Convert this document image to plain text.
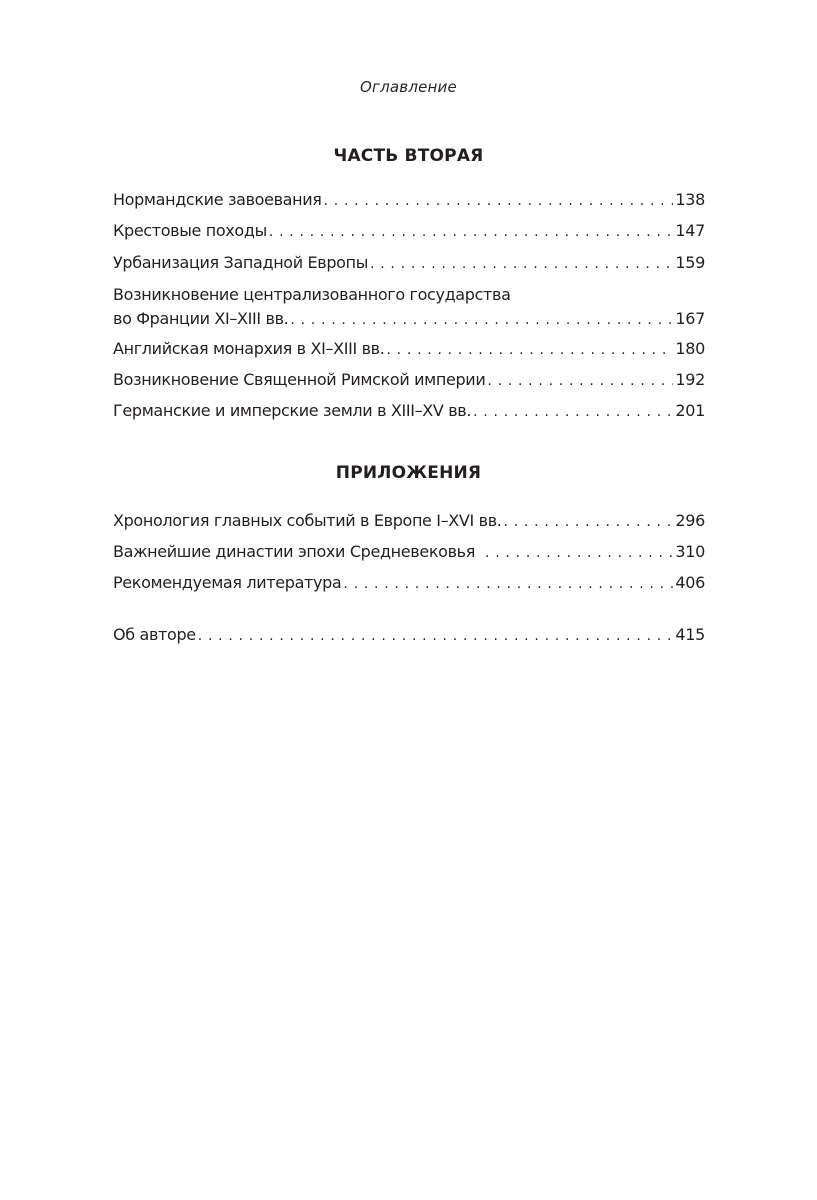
Оглавление
ЧАСТЬ ВТОРАЯ
Нормандские завоевания . . .	138
Крестовые походы . . .	147
Урбанизация Западной Европы . . .	159
Возникновение централизованного государства
во Франции XI–XIII вв. . . .	167
Английская монархия в XI–XIII вв. . . .	180
Возникновение Священной Римской империи . . .	192
Германские и имперские земли в XIII–XV вв. . . .	201
ПРИЛОЖЕНИЯ
Хронология главных событий в Европе I–XVI вв. . . .	296
Важнейшие династии эпохи Средневековья . . .	310
Рекомендуемая литература . . .	406
Об авторе . . .	415
